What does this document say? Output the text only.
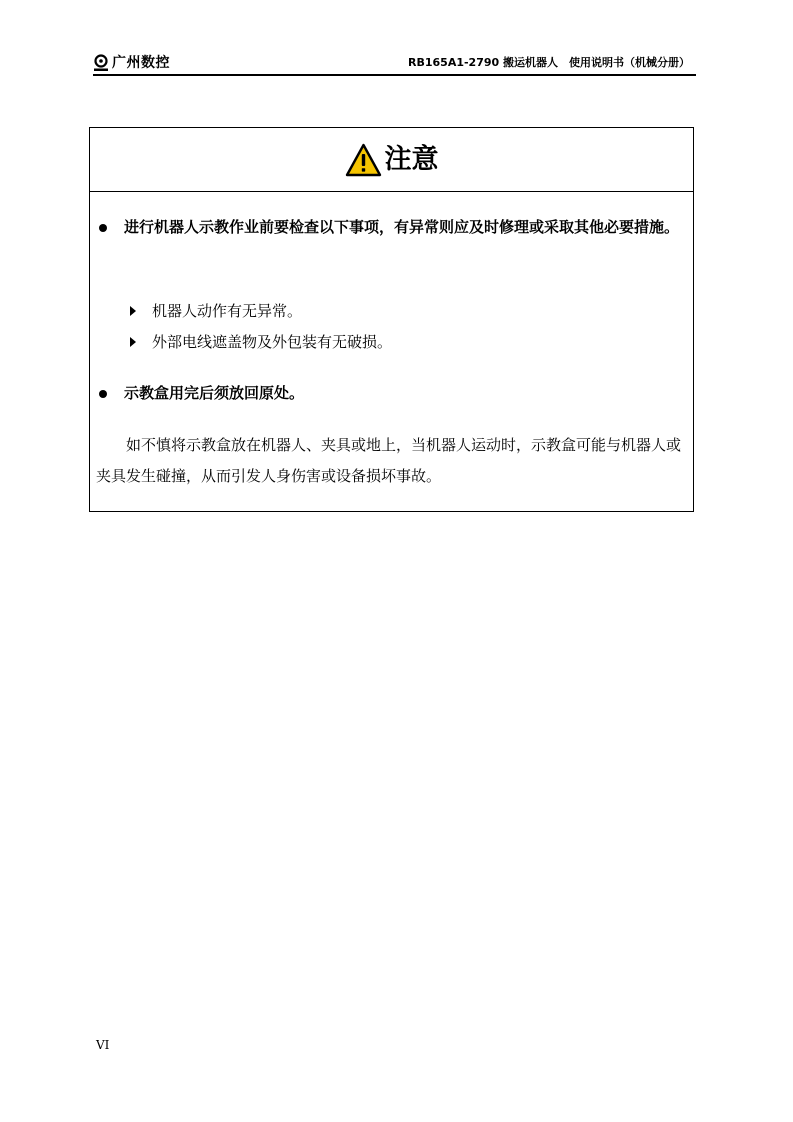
广州数控	RB165A1-2790 搬运机器人　使用说明书（机械分册）
注意
进行机器人示教作业前要检查以下事项，有异常则应及时修理或采取其他必要措施。
机器人动作有无异常。
外部电线遮盖物及外包装有无破损。
示教盒用完后须放回原处。
如不慎将示教盒放在机器人、夹具或地上，当机器人运动时，示教盒可能与机器人或夹具发生碰撞，从而引发人身伤害或设备损坏事故。
VI
